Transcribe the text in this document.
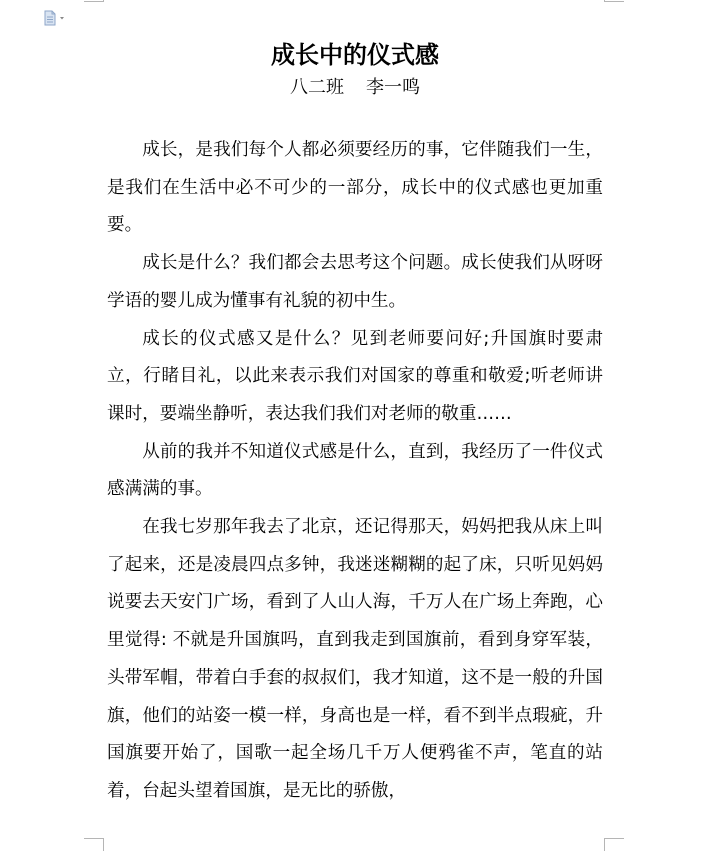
成长中的仪式感

八二班 李一鸣

成长，是我们每个人都必须要经历的事，它伴随我们一生，是我们在生活中必不可少的一部分，成长中的仪式感也更加重要。

成长是什么？我们都会去思考这个问题。成长使我们从呀呀学语的婴儿成为懂事有礼貌的初中生。

成长的仪式感又是什么？见到老师要问好;升国旗时要肃立，行睹目礼，以此来表示我们对国家的尊重和敬爱;听老师讲课时，要端坐静听，表达我们我们对老师的敬重……

从前的我并不知道仪式感是什么，直到，我经历了一件仪式感满满的事。

在我七岁那年我去了北京，还记得那天，妈妈把我从床上叫了起来，还是凌晨四点多钟，我迷迷糊糊的起了床，只听见妈妈说要去天安门广场，看到了人山人海，千万人在广场上奔跑，心里觉得: 不就是升国旗吗，直到我走到国旗前，看到身穿军装，头带军帽，带着白手套的叔叔们，我才知道，这不是一般的升国旗，他们的站姿一模一样，身高也是一样，看不到半点瑕疵，升国旗要开始了，国歌一起全场几千万人便鸦雀不声，笔直的站着，台起头望着国旗，是无比的骄傲，
